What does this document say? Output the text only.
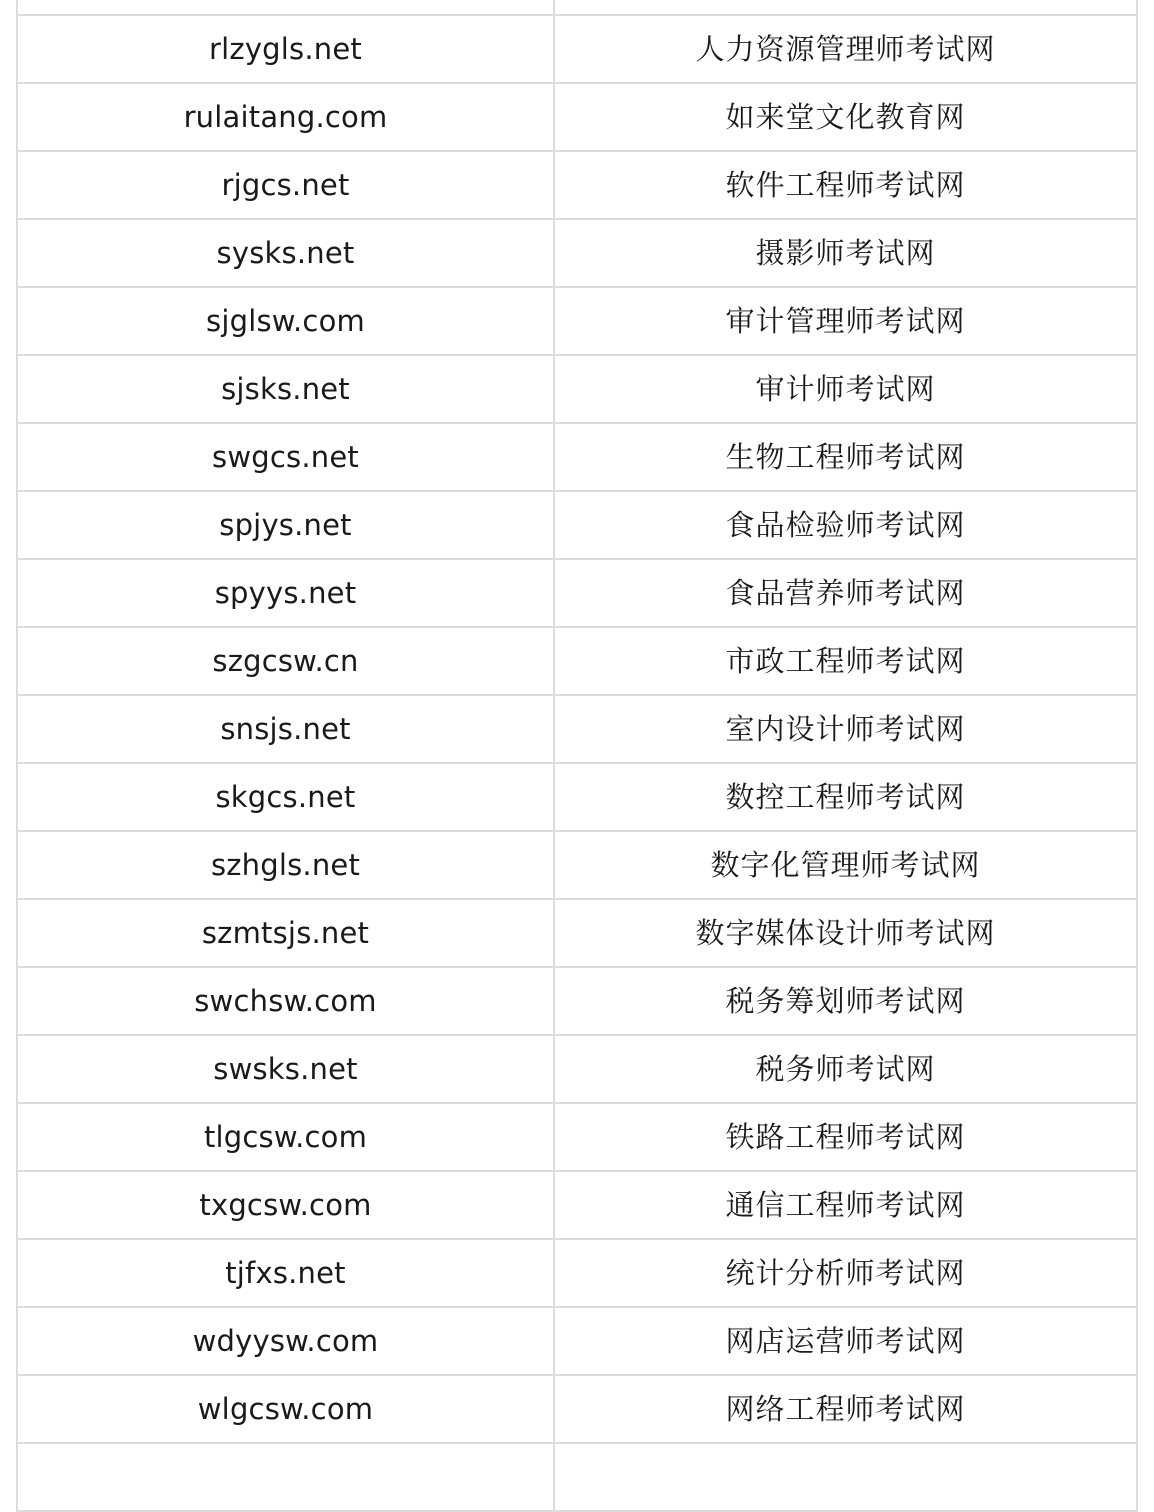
rlzygls.net	人力资源管理师考试网
rulaitang.com	如来堂文化教育网
rjgcs.net	软件工程师考试网
sysks.net	摄影师考试网
sjglsw.com	审计管理师考试网
sjsks.net	审计师考试网
swgcs.net	生物工程师考试网
spjys.net	食品检验师考试网
spyys.net	食品营养师考试网
szgcsw.cn	市政工程师考试网
snsjs.net	室内设计师考试网
skgcs.net	数控工程师考试网
szhgls.net	数字化管理师考试网
szmtsjs.net	数字媒体设计师考试网
swchsw.com	税务筹划师考试网
swsks.net	税务师考试网
tlgcsw.com	铁路工程师考试网
txgcsw.com	通信工程师考试网
tjfxs.net	统计分析师考试网
wdyysw.com	网店运营师考试网
wlgcsw.com	网络工程师考试网
